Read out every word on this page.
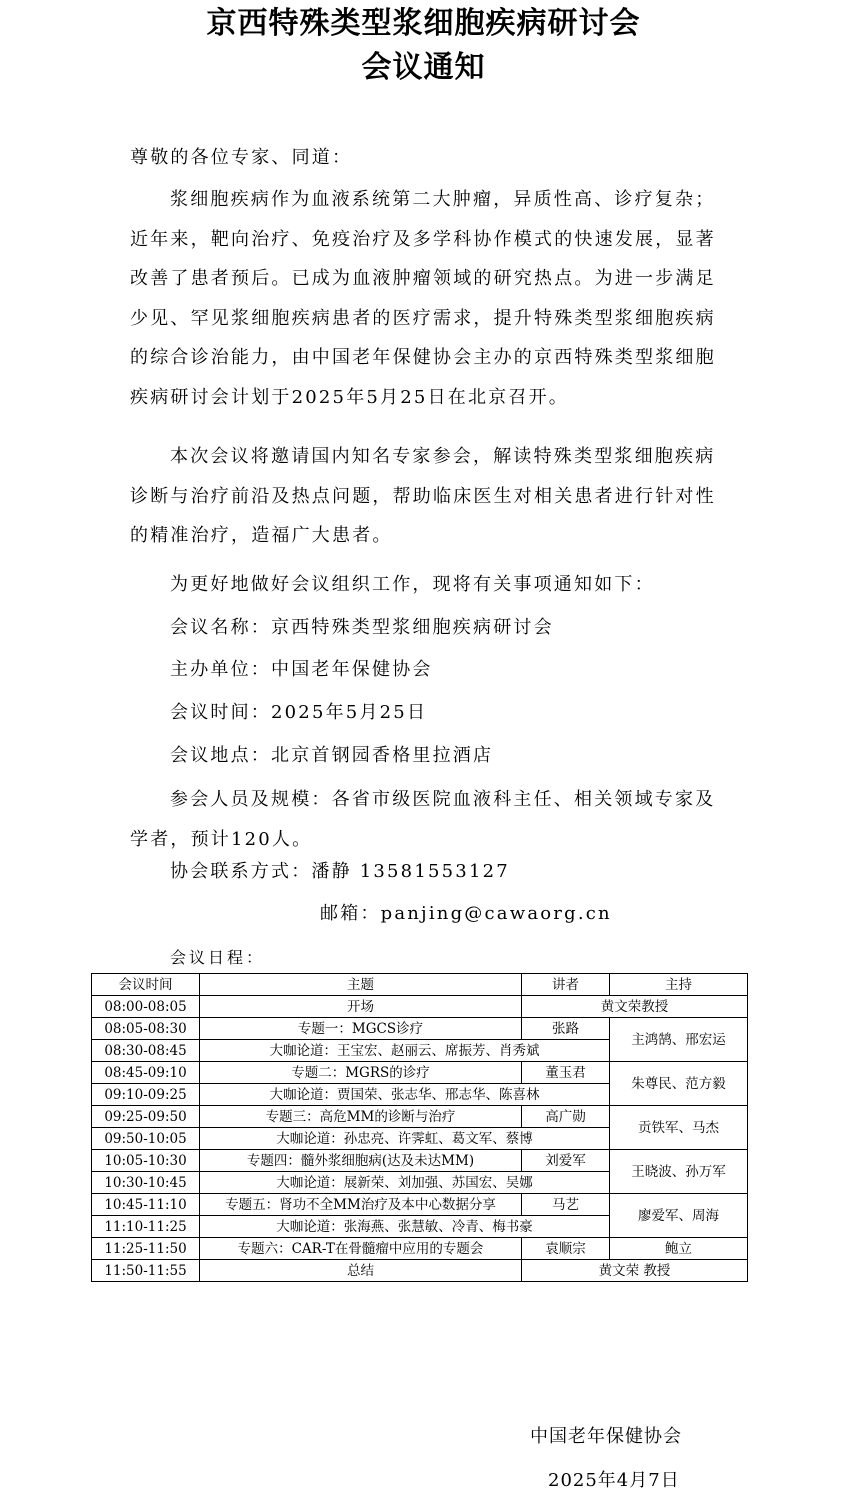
京西特殊类型浆细胞疾病研讨会
会议通知
尊敬的各位专家、同道：
浆细胞疾病作为血液系统第二大肿瘤，异质性高、诊疗复杂；近年来，靶向治疗、免疫治疗及多学科协作模式的快速发展，显著改善了患者预后。已成为血液肿瘤领域的研究热点。为进一步满足少见、罕见浆细胞疾病患者的医疗需求，提升特殊类型浆细胞疾病的综合诊治能力，由中国老年保健协会主办的京西特殊类型浆细胞疾病研讨会计划于2025年5月25日在北京召开。
本次会议将邀请国内知名专家参会，解读特殊类型浆细胞疾病诊断与治疗前沿及热点问题，帮助临床医生对相关患者进行针对性的精准治疗，造福广大患者。
为更好地做好会议组织工作，现将有关事项通知如下：
会议名称：京西特殊类型浆细胞疾病研讨会
主办单位：中国老年保健协会
会议时间：2025年5月25日
会议地点：北京首钢园香格里拉酒店
参会人员及规模：各省市级医院血液科主任、相关领域专家及学者，预计120人。
协会联系方式：潘静 13581553127
邮箱：panjing@cawaorg.cn
会议日程：
会议时间	主题	讲者	主持
08:00-08:05	开场	黄文荣教授	
08:05-08:30	专题一：MGCS诊疗	张路	主鸿鹄、邢宏运
08:30-08:45	大咖论道：王宝宏、赵丽云、席振芳、肖秀斌		
08:45-09:10	专题二：MGRS的诊疗	董玉君	朱尊民、范方毅
09:10-09:25	大咖论道：贾国荣、张志华、邢志华、陈喜林		
09:25-09:50	专题三：高危MM的诊断与治疗	高广勋	贡铁军、马杰
09:50-10:05	大咖论道：孙忠亮、许霁虹、葛文军、蔡博		
10:05-10:30	专题四：髓外浆细胞病(达及未达MM)	刘爱军	王晓波、孙万军
10:30-10:45	大咖论道：展新荣、刘加强、苏国宏、吴娜		
10:45-11:10	专题五：肾功不全MM治疗及本中心数据分享	马艺	廖爱军、周海
11:10-11:25	大咖论道：张海燕、张慧敏、冷青、梅书豪		
11:25-11:50	专题六：CAR-T在骨髓瘤中应用的专题会	袁顺宗	鲍立
11:50-11:55	总结	黄文荣 教授	
中国老年保健协会
2025年4月7日
